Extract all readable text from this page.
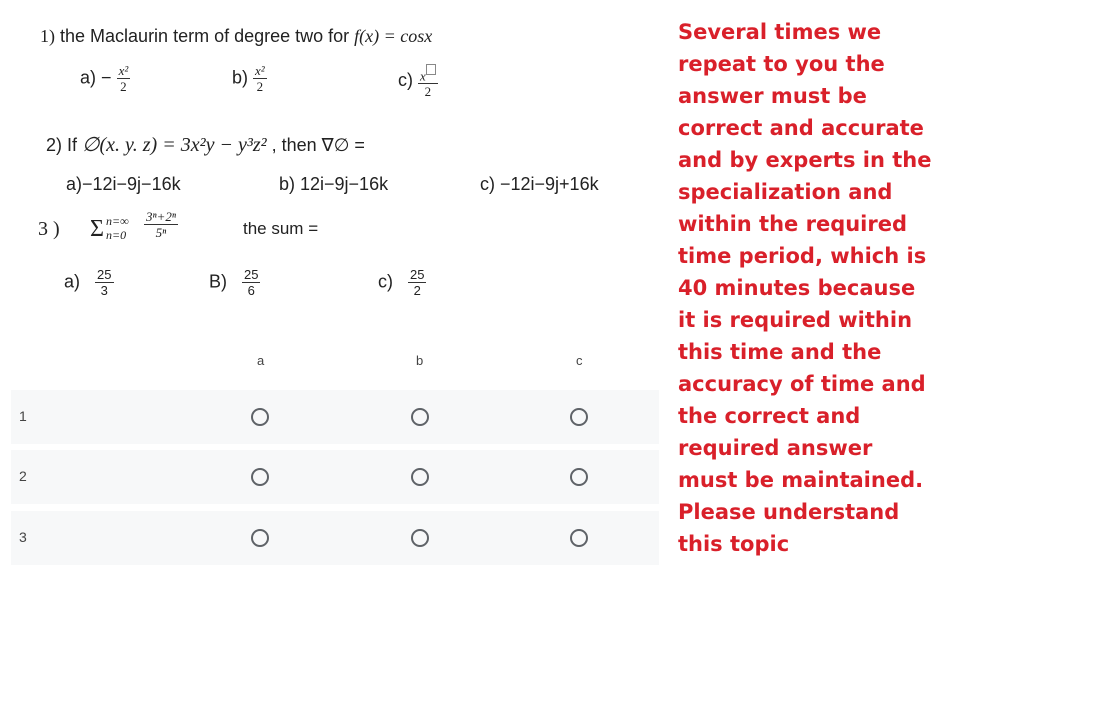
1) the Maclaurin term of degree two for f(x) = cosx
$a) - \frac{\text{x²}}{2}$	$b) \frac{\text{x²}}{2}$	$c) \frac{x}{2}$
2) If ∅(x. y. z) = 3x²y − y³z² , then ∇∅ =
a)−12i−9j−16k	b) 12i−9j−16k	c) −12i−9j+16k
3 ) Σ n=∞
$n=0 \frac{\text{3ⁿ+2ⁿ}}{\text{5ⁿ}}$	the sum =
$a) \frac{25}{3}$	$B) \frac{25}{6}$	$c) \frac{25}{2}$
a	b	c
1
2
3
Several times we repeat to you the answer must be correct and accurate and by experts in the specialization and within the required time period, which is 40 minutes because it is required within this time and the accuracy of time and the correct and required answer must be maintained. Please understand this topic
